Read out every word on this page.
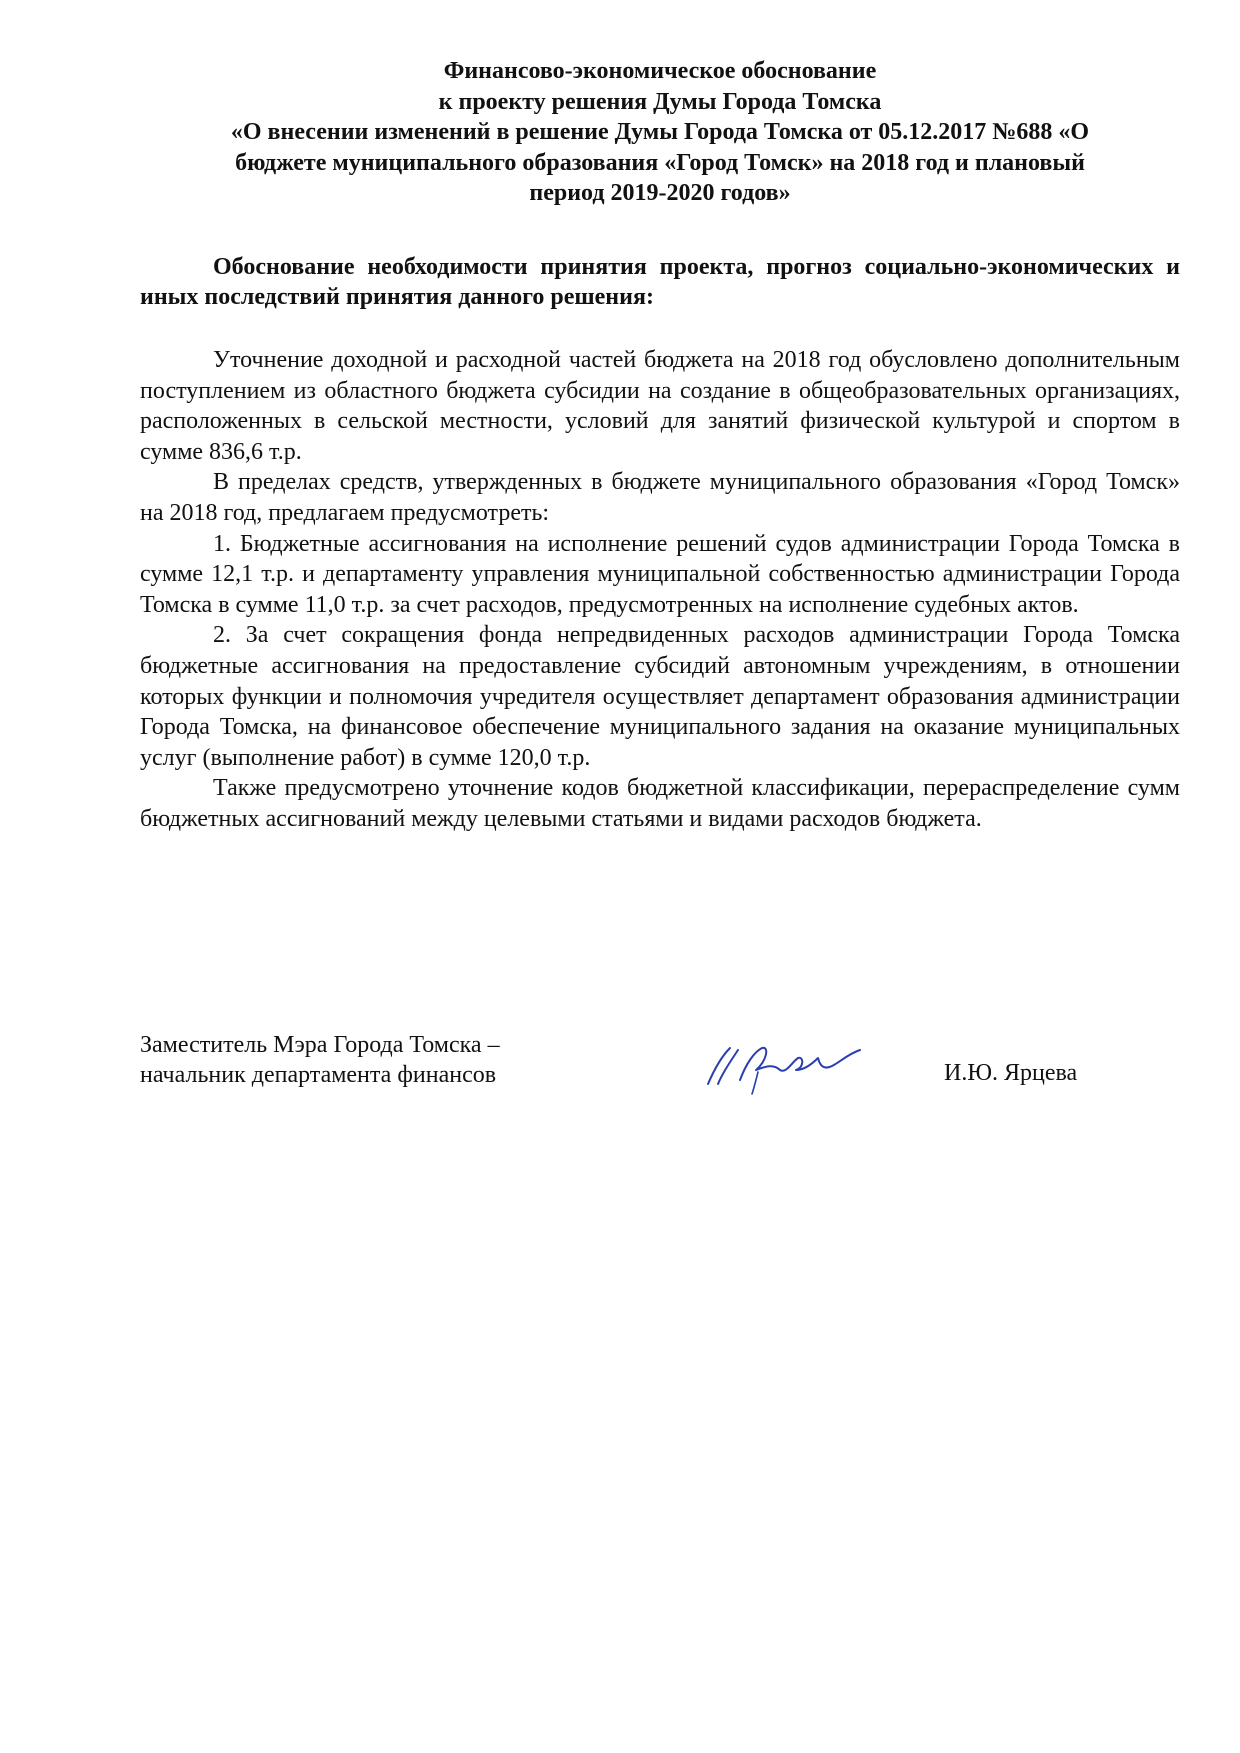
Финансово-экономическое обоснование
к проекту решения Думы Города Томска
«О внесении изменений в решение Думы Города Томска от 05.12.2017 №688 «О
бюджете муниципального образования «Город Томск» на 2018 год и плановый
период 2019-2020 годов»
Обоснование необходимости принятия проекта, прогноз социально-экономических и иных последствий принятия данного решения:

Уточнение доходной и расходной частей бюджета на 2018 год обусловлено дополнительным поступлением из областного бюджета субсидии на создание в общеобразовательных организациях, расположенных в сельской местности, условий для занятий физической культурой и спортом в сумме 836,6 т.р.

В пределах средств, утвержденных в бюджете муниципального образования «Город Томск» на 2018 год, предлагаем предусмотреть:

1. Бюджетные ассигнования на исполнение решений судов администрации Города Томска в сумме 12,1 т.р. и департаменту управления муниципальной собственностью администрации Города Томска в сумме 11,0 т.р. за счет расходов, предусмотренных на исполнение судебных актов.

2. За счет сокращения фонда непредвиденных расходов администрации Города Томска бюджетные ассигнования на предоставление субсидий автономным учреждениям, в отношении которых функции и полномочия учредителя осуществляет департамент образования администрации Города Томска, на финансовое обеспечение муниципального задания на оказание муниципальных услуг (выполнение работ) в сумме 120,0 т.р.

Также предусмотрено уточнение кодов бюджетной классификации, перераспределение сумм бюджетных ассигнований между целевыми статьями и видами расходов бюджета.

Заместитель Мэра Города Томска –
начальник департамента финансов	И.Ю. Ярцева
